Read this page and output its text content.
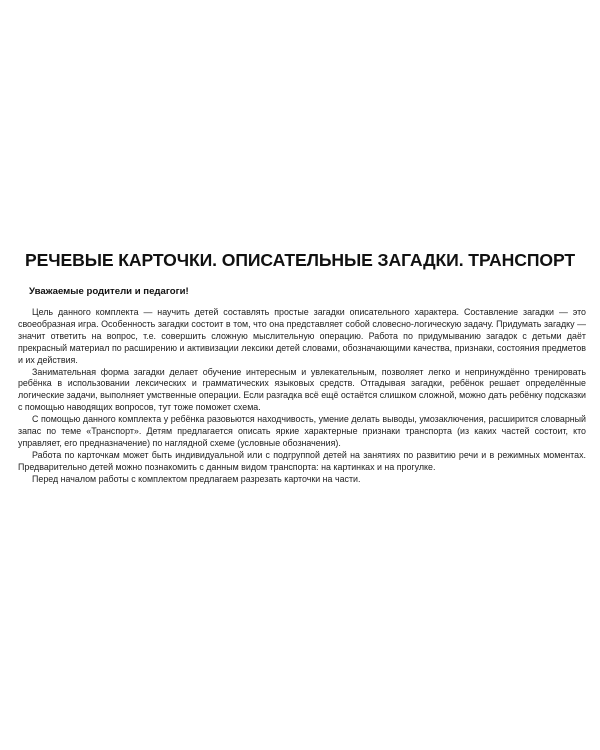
РЕЧЕВЫЕ КАРТОЧКИ. ОПИСАТЕЛЬНЫЕ ЗАГАДКИ. ТРАНСПОРТ

Уважаемые родители и педагоги!

Цель данного комплекта — научить детей составлять простые загадки описательного характера. Составление загадки — это своеобразная игра. Особенность загадки состоит в том, что она представляет собой словесно-логическую задачу. Придумать загадку — значит ответить на вопрос, т.е. совершить сложную мыслительную операцию. Работа по придумыванию загадок с детьми даёт прекрасный материал по расширению и активизации лексики детей словами, обозначающими качества, признаки, состояния предметов и их действия.

Занимательная форма загадки делает обучение интересным и увлекательным, позволяет легко и непринуждённо тренировать ребёнка в использовании лексических и грамматических языковых средств. Отгадывая загадки, ребёнок решает определённые логические задачи, выполняет умственные операции. Если разгадка всё ещё остаётся слишком сложной, можно дать ребёнку подсказки с помощью наводящих вопросов, тут тоже поможет схема.

С помощью данного комплекта у ребёнка разовьются находчивость, умение делать выводы, умозаключения, расширится словарный запас по теме «Транспорт». Детям предлагается описать яркие характерные признаки транспорта (из каких частей состоит, кто управляет, его предназначение) по наглядной схеме (условные обозначения).

Работа по карточкам может быть индивидуальной или с подгруппой детей на занятиях по развитию речи и в режимных моментах. Предварительно детей можно познакомить с данным видом транспорта: на картинках и на прогулке.

Перед началом работы с комплектом предлагаем разрезать карточки на части.
